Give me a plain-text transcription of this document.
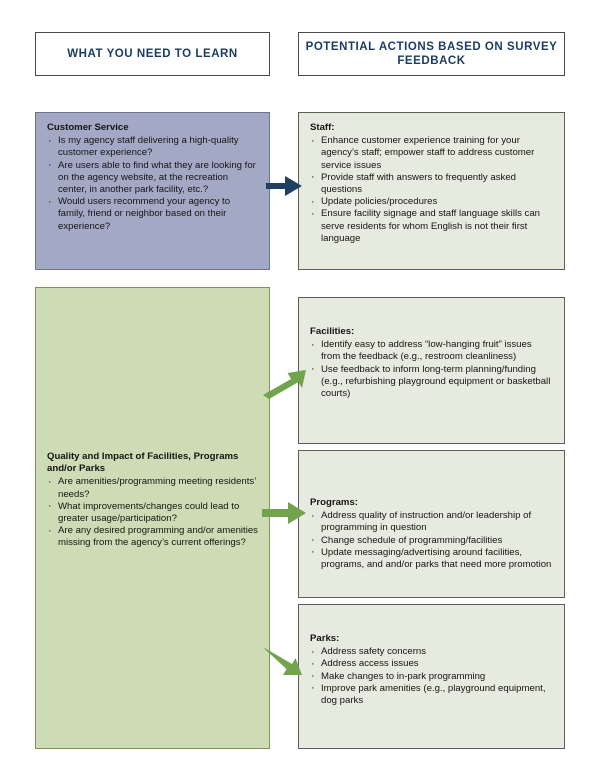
WHAT YOU NEED TO LEARN
POTENTIAL ACTIONS BASED ON SURVEY FEEDBACK
Customer Service
· Is my agency staff delivering a high-quality customer experience?
· Are users able to find what they are looking for on the agency website, at the recreation center, in another park facility, etc.?
· Would users recommend your agency to family, friend or neighbor based on their experience?
Quality and Impact of Facilities, Programs and/or Parks
· Are amenities/programming meeting residents’ needs?
· What improvements/changes could lead to greater usage/participation?
· Are any desired programming and/or amenities missing from the agency’s current offerings?
Staff:
· Enhance customer experience training for your agency’s staff; empower staff to address customer service issues
· Provide staff with answers to frequently asked questions
· Update policies/procedures
· Ensure facility signage and staff language skills can serve residents for whom English is not their first language
Facilities:
· Identify easy to address “low-hanging fruit” issues from the feedback (e.g., restroom cleanliness)
· Use feedback to inform long-term planning/funding (e.g., refurbishing playground equipment or basketball courts)
Programs:
· Address quality of instruction and/or leadership of programming in question
· Change schedule of programming/facilities
· Update messaging/advertising around facilities, programs, and and/or parks that need more promotion
Parks:
· Address safety concerns
· Address access issues
· Make changes to in-park programming
· Improve park amenities (e.g., playground equipment, dog parks
